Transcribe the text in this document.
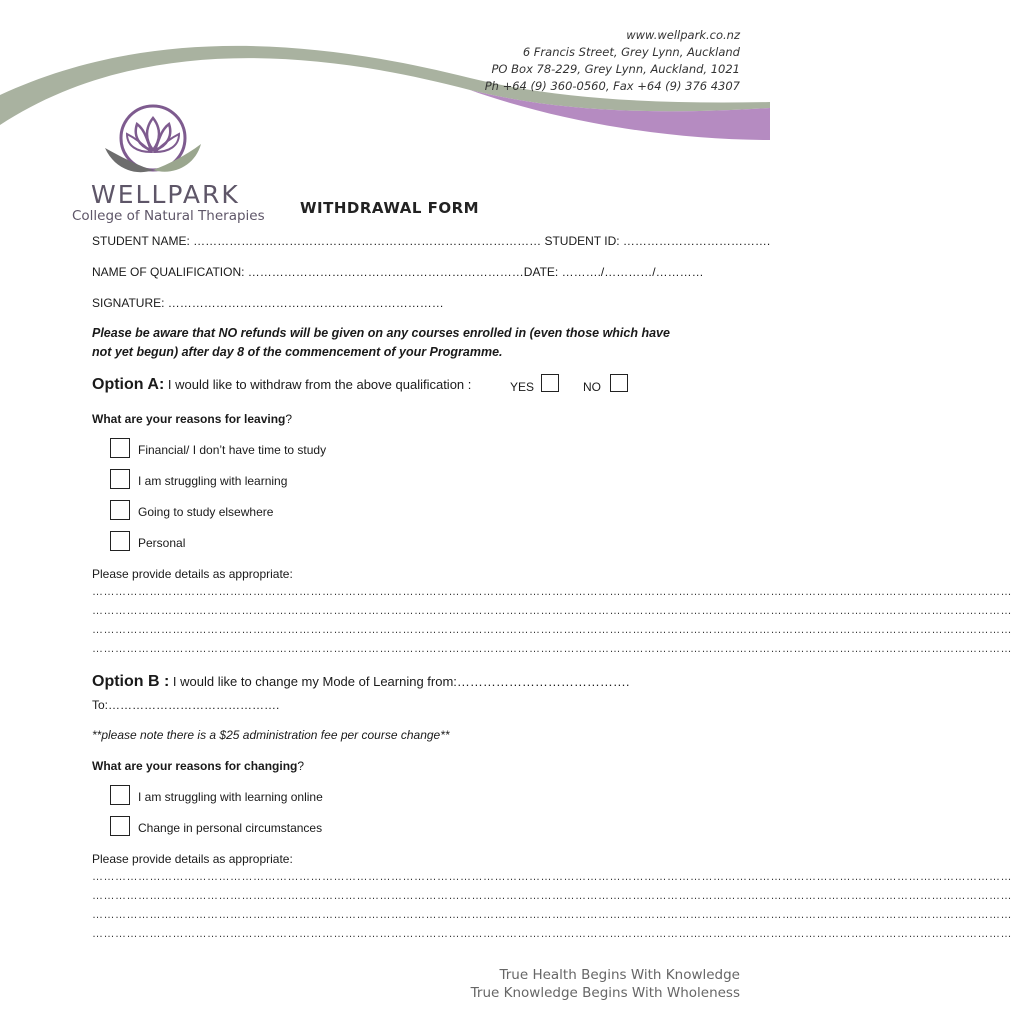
www.wellpark.co.nz
6 Francis Street, Grey Lynn, Auckland
PO Box 78-229, Grey Lynn, Auckland, 1021
Ph +64 (9) 360-0560, Fax +64 (9) 376 4307
WELLPARK
College of Natural Therapies WITHDRAWAL FORM
STUDENT NAME: …………………………………………………………………………… STUDENT ID: ……………………………….
NAME OF QUALIFICATION: ……………………………………………………………DATE: ………./…………/…………
SIGNATURE: ……………………………………………………………
Please be aware that NO refunds will be given on any courses enrolled in (even those which have
not yet begun) after day 8 of the commencement of your Programme.
Option A: I would like to withdraw from the above qualification :	YES	NO
What are your reasons for leaving?
Financial/ I don’t have time to study
I am struggling with learning
Going to study elsewhere
Personal
Please provide details as appropriate:
……………………………………………………………………………………………………………………………………………………………………………………………………………………
……………………………………………………………………………………………………………………………………………………………………………………………………………………
……………………………………………………………………………………………………………………………………………………………………………………………………………………
……………………………………………………………………………………………………………………………………………………………………………………………………………………
Option B : I would like to change my Mode of Learning from:………………………………….
To:…………………………………….
**please note there is a $25 administration fee per course change**
What are your reasons for changing?
I am struggling with learning online
Change in personal circumstances
Please provide details as appropriate:
……………………………………………………………………………………………………………………………………………………………………………………………………………………
……………………………………………………………………………………………………………………………………………………………………………………………………………………
……………………………………………………………………………………………………………………………………………………………………………………………………………………
……………………………………………………………………………………………………………………………………………………………………………………………………………………
True Health Begins With Knowledge
True Knowledge Begins With Wholeness
